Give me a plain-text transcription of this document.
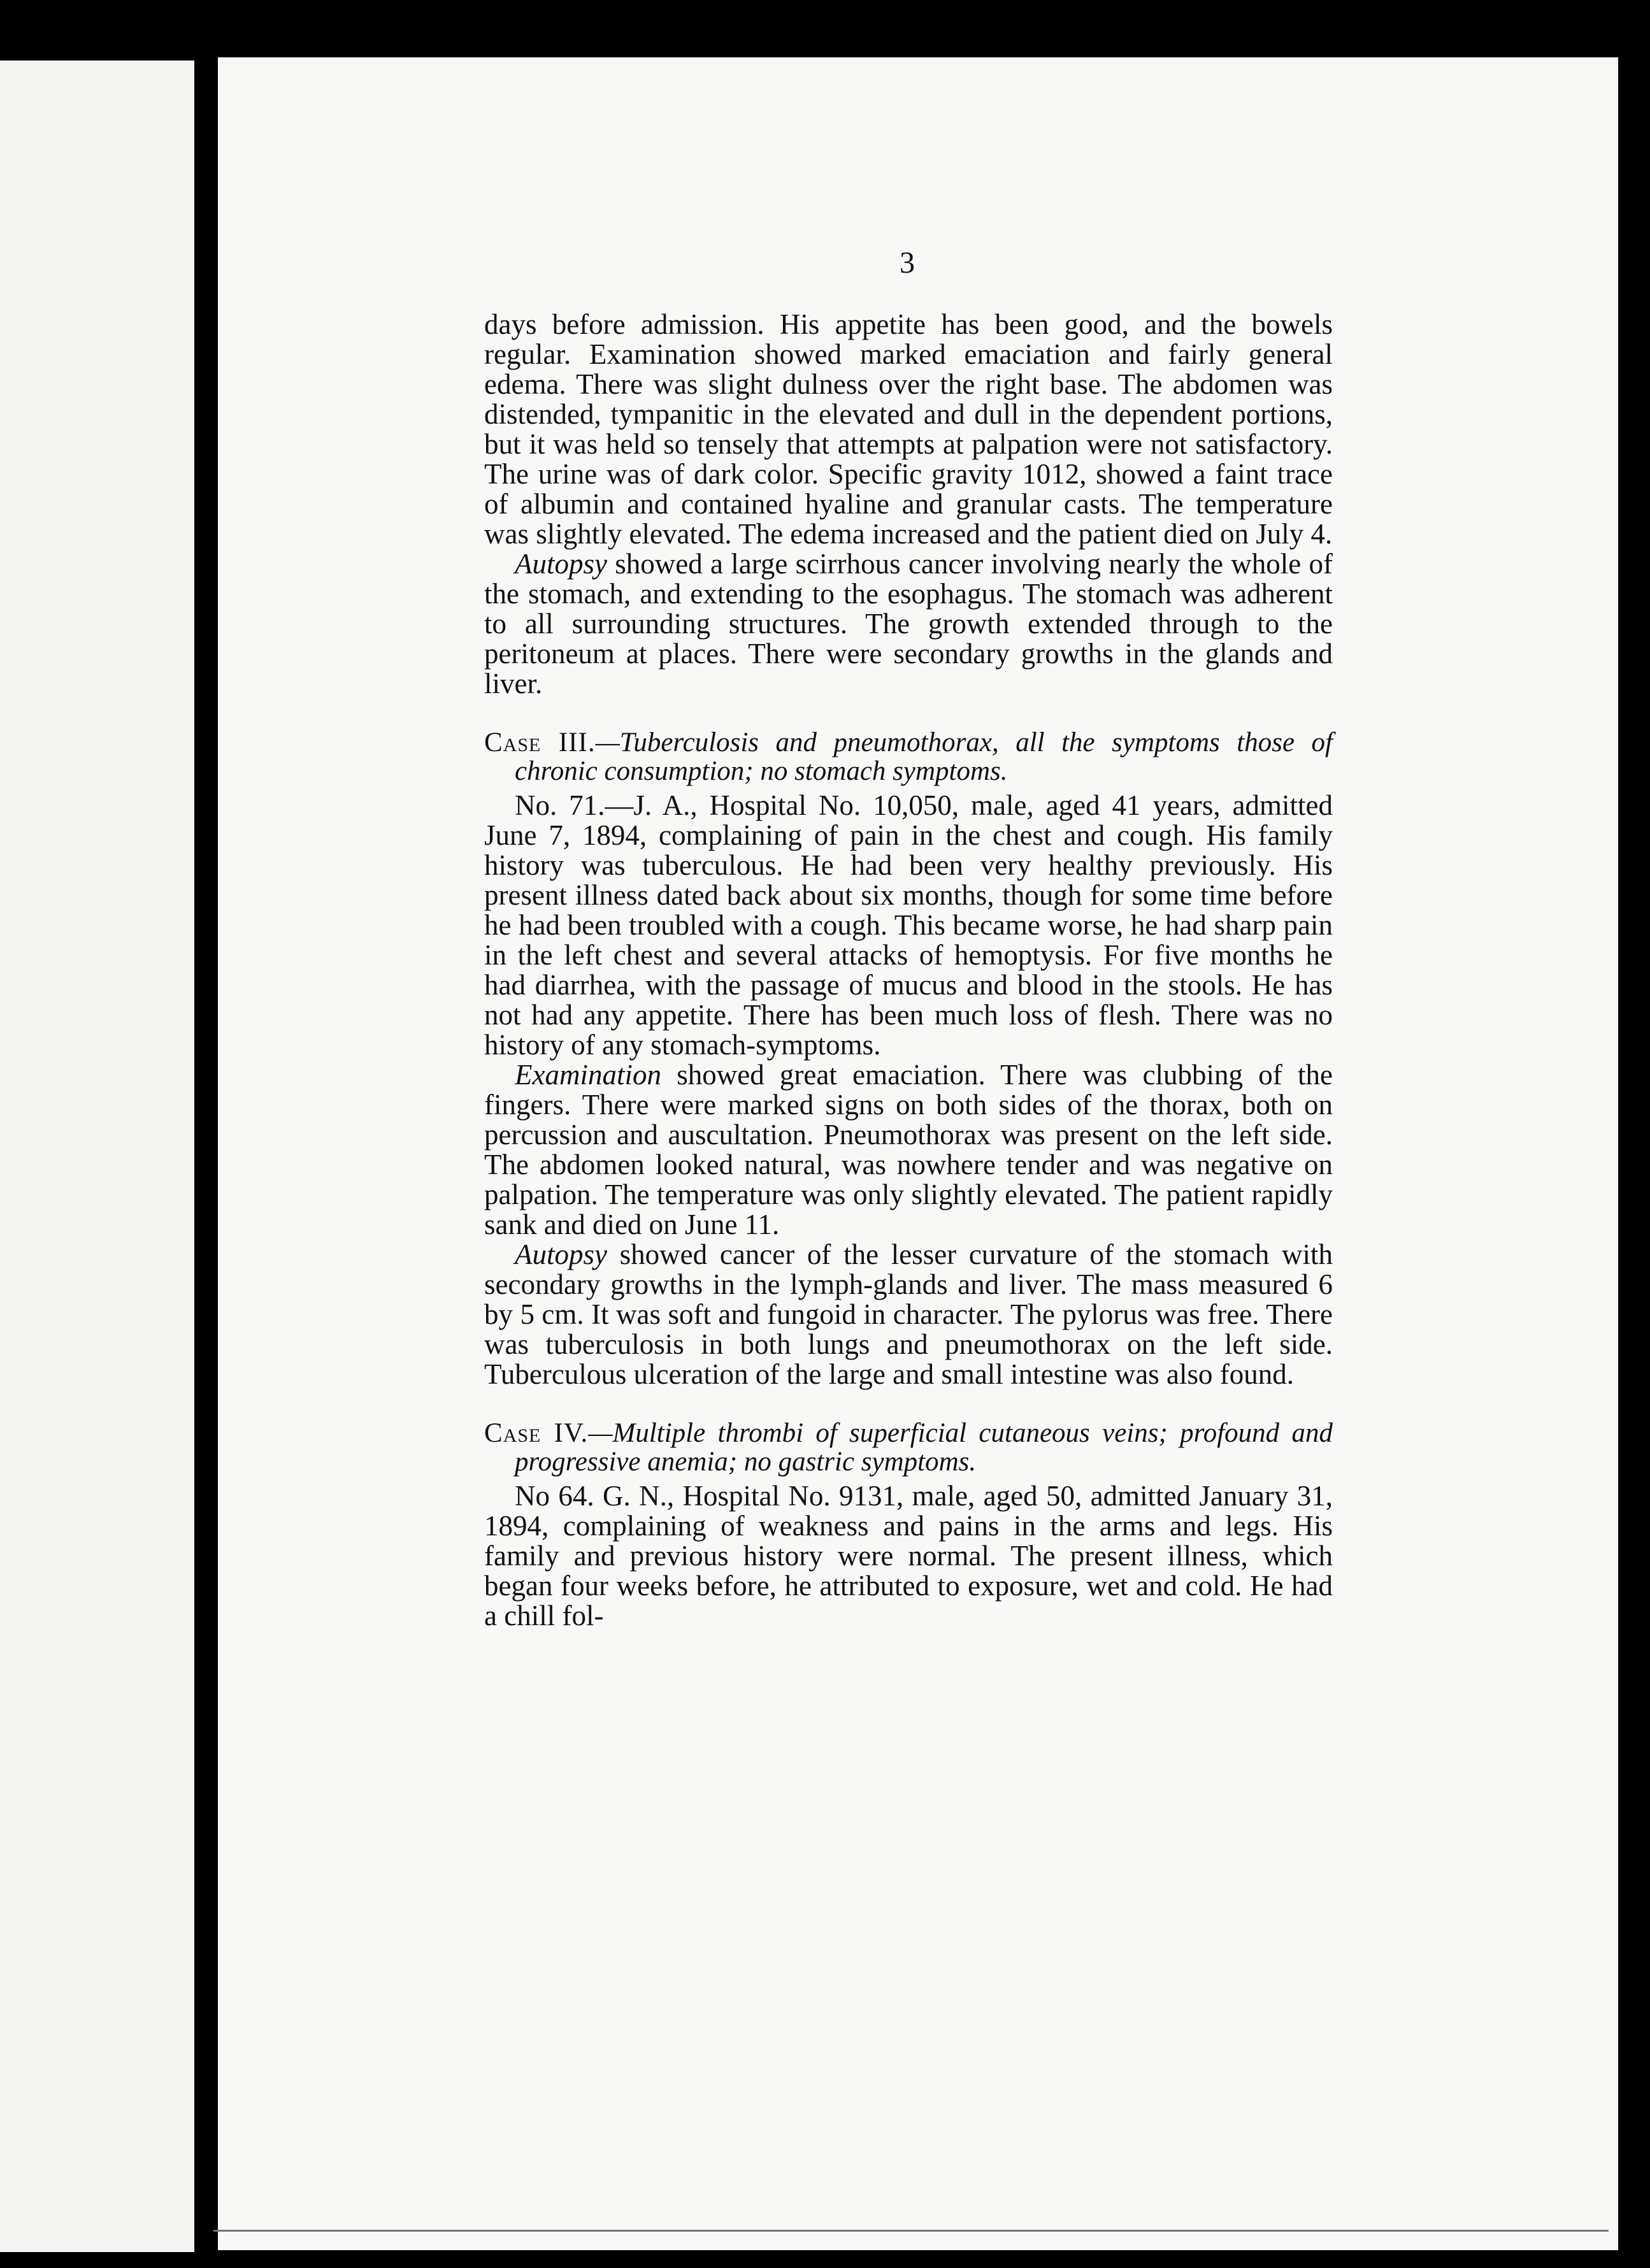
3

days before admission. His appetite has been good, and the bowels regular. Examination showed marked emaciation and fairly general edema. There was slight dulness over the right base. The abdomen was distended, tympanitic in the elevated and dull in the dependent portions, but it was held so tensely that attempts at palpation were not satisfactory. The urine was of dark color. Specific gravity 1012, showed a faint trace of albumin and contained hyaline and granular casts. The temperature was slightly elevated. The edema increased and the patient died on July 4.

Autopsy showed a large scirrhous cancer involving nearly the whole of the stomach, and extending to the esophagus. The stomach was adherent to all surrounding structures. The growth extended through to the peritoneum at places. There were secondary growths in the glands and liver.

Case III.—Tuberculosis and pneumothorax, all the symptoms those of chronic consumption; no stomach symptoms.

No. 71.—J. A., Hospital No. 10,050, male, aged 41 years, admitted June 7, 1894, complaining of pain in the chest and cough. His family history was tuberculous. He had been very healthy previously. His present illness dated back about six months, though for some time before he had been troubled with a cough. This became worse, he had sharp pain in the left chest and several attacks of hemoptysis. For five months he had diarrhea, with the passage of mucus and blood in the stools. He has not had any appetite. There has been much loss of flesh. There was no history of any stomach-symptoms.

Examination showed great emaciation. There was clubbing of the fingers. There were marked signs on both sides of the thorax, both on percussion and auscultation. Pneumothorax was present on the left side. The abdomen looked natural, was nowhere tender and was negative on palpation. The temperature was only slightly elevated. The patient rapidly sank and died on June 11.

Autopsy showed cancer of the lesser curvature of the stomach with secondary growths in the lymph-glands and liver. The mass measured 6 by 5 cm. It was soft and fungoid in character. The pylorus was free. There was tuberculosis in both lungs and pneumothorax on the left side. Tuberculous ulceration of the large and small intestine was also found.

Case IV.—Multiple thrombi of superficial cutaneous veins; profound and progressive anemia; no gastric symptoms.

No 64. G. N., Hospital No. 9131, male, aged 50, admitted January 31, 1894, complaining of weakness and pains in the arms and legs. His family and previous history were normal. The present illness, which began four weeks before, he attributed to exposure, wet and cold. He had a chill fol-
